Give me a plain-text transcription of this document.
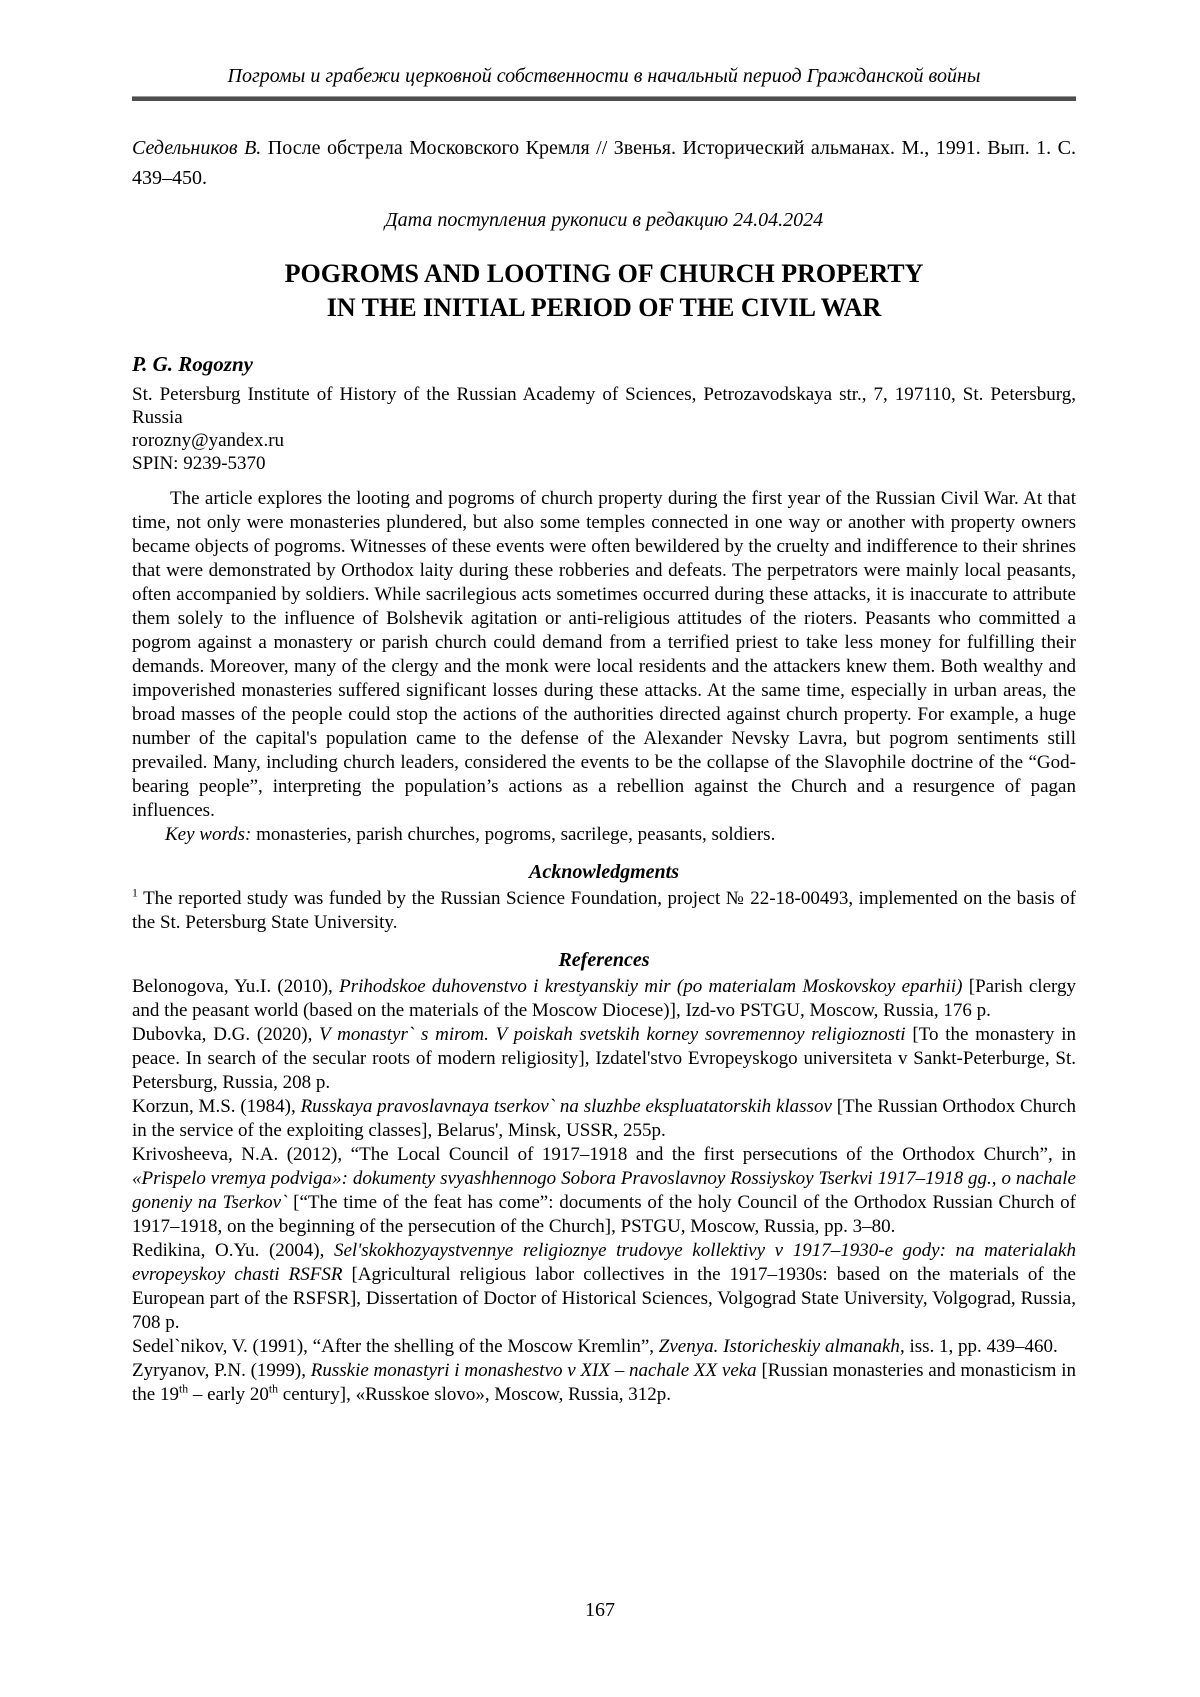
Погромы и грабежи церковной собственности в начальный период Гражданской войны

Седельников В. После обстрела Московского Кремля // Звенья. Исторический альманах. М., 1991. Вып. 1. С. 439–450.

Дата поступления рукописи в редакцию 24.04.2024

POGROMS AND LOOTING OF CHURCH PROPERTY
IN THE INITIAL PERIOD OF THE CIVIL WAR

P. G. Rogozny

St. Petersburg Institute of History of the Russian Academy of Sciences, Petrozavodskaya str., 7, 197110, St. Petersburg, Russia

rorozny@yandex.ru

SPIN: 9239-5370

The article explores the looting and pogroms of church property during the first year of the Russian Civil War. At that time, not only were monasteries plundered, but also some temples connected in one way or another with property owners became objects of pogroms. Witnesses of these events were often bewildered by the cruelty and indifference to their shrines that were demonstrated by Orthodox laity during these robberies and defeats. The perpetrators were mainly local peasants, often accompanied by soldiers. While sacrilegious acts sometimes occurred during these attacks, it is inaccurate to attribute them solely to the influence of Bolshevik agitation or anti-religious attitudes of the rioters. Peasants who committed a pogrom against a monastery or parish church could demand from a terrified priest to take less money for fulfilling their demands. Moreover, many of the clergy and the monk were local residents and the attackers knew them. Both wealthy and impoverished monasteries suffered significant losses during these attacks. At the same time, especially in urban areas, the broad masses of the people could stop the actions of the authorities directed against church property. For example, a huge number of the capital's population came to the defense of the Alexander Nevsky Lavra, but pogrom sentiments still prevailed. Many, including church leaders, considered the events to be the collapse of the Slavophile doctrine of the “God-bearing people”, interpreting the population’s actions as a rebellion against the Church and a resurgence of pagan influences.

Key words: monasteries, parish churches, pogroms, sacrilege, peasants, soldiers.

Acknowledgments

$^1$ The reported study was funded by the Russian Science Foundation, project № 22-18-00493, implemented on the basis of the St. Petersburg State University.

References

Belonogova, Yu.I. (2010), Prihodskoe duhovenstvo i krestyanskiy mir (po materialam Moskovskoy eparhii) [Parish clergy and the peasant world (based on the materials of the Moscow Diocese)], Izd-vo PSTGU, Moscow, Russia, 176 p.

Dubovka, D.G. (2020), V monastyr` s mirom. V poiskah svetskih korney sovremennoy religioznosti [To the monastery in peace. In search of the secular roots of modern religiosity], Izdatel'stvo Evropeyskogo universiteta v Sankt-Peterburge, St. Petersburg, Russia, 208 p.

Korzun, M.S. (1984), Russkaya pravoslavnaya tserkov` na sluzhbe ekspluatatorskih klassov [The Russian Orthodox Church in the service of the exploiting classes], Belarus', Minsk, USSR, 255p.

Krivosheeva, N.A. (2012), “The Local Council of 1917–1918 and the first persecutions of the Orthodox Church”, in «Prispelo vremya podviga»: dokumenty svyashhennogo Sobora Pravoslavnoy Rossiyskoy Tserkvi 1917–1918 gg., o nachale goneniy na Tserkov` [“The time of the feat has come”: documents of the holy Council of the Orthodox Russian Church of 1917–1918, on the beginning of the persecution of the Church], PSTGU, Moscow, Russia, pp. 3–80.

Redikina, O.Yu. (2004), Sel'skokhozyaystvennye religioznye trudovye kollektivy v 1917–1930-e gody: na materialakh evropeyskoy chasti RSFSR [Agricultural religious labor collectives in the 1917–1930s: based on the materials of the European part of the RSFSR], Dissertation of Doctor of Historical Sciences, Volgograd State University, Volgograd, Russia, 708 p.

Sedel`nikov, V. (1991), “After the shelling of the Moscow Kremlin”, Zvenya. Istoricheskiy almanakh, iss. 1, pp. 439–460.

Zyryanov, P.N. (1999), Russkie monastyri i monashestvo v XIX – nachale XX veka [Russian monasteries and monasticism in the 19th – early 20th century], «Russkoe slovo», Moscow, Russia, 312p.

167
